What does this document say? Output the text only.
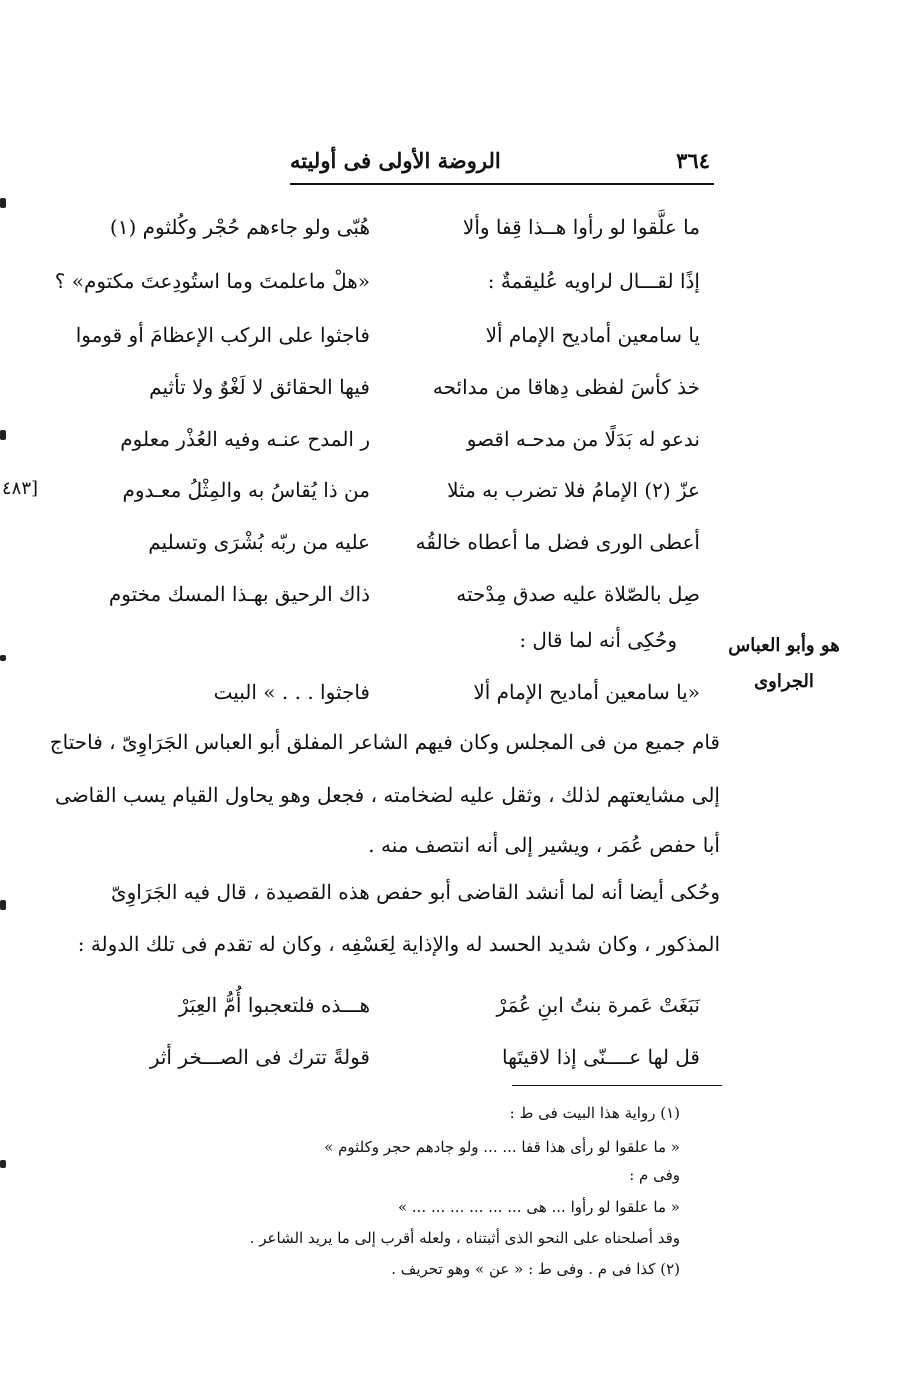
٣٦٤
الروضة الأولى فى أوليته
ما علَّقوا لو رأوا هــذا قِفا وألا
هُبّى ولو جاءهم حُجْر وكُلثوم (١)
إذًا لقـــال لراويه عُليقمةٌ :
«هلْ ماعلمتَ وما استُودِعتَ مكتوم» ؟
يا سامعين أماديح الإمام ألا
فاجثوا على الركب الإعظامَ أو قوموا
خذ كأسَ لفظى دِهاقا من مدائحه
فيها الحقائق لا لَغْوٌ ولا تأثيم
ندعو له بَدَلًا من مدحـه اقصو
ر المدح عنـه وفيه العُذْر معلوم
عزّ (٢) الإمامُ فلا تضرب به مثلا
من ذا يُقاسُ به والمِثْلُ معـدوم
أعطى الورى فضل ما أعطاه خالقُه
عليه من ربّه بُشْرَى وتسليم
صِل بالصّلاة عليه صدق مِدْحته
ذاك الرحيق بهـذا المسك مختوم
وحُكِى أنه لما قال :
«يا سامعين أماديح الإمام ألا
فاجثوا . . . » البيت
قام جميع من فى المجلس وكان فيهم الشاعر المفلق أبو العباس الجَرَاوِىّ ، فاحتاج
إلى مشايعتهم لذلك ، وثقل عليه لضخامته ، فجعل وهو يحاول القيام يسب القاضى
أبا حفص عُمَر ، ويشير إلى أنه انتصف منه .
وحُكى أيضا أنه لما أنشد القاضى أبو حفص هذه القصيدة ، قال فيه الجَرَاوِىّ
المذكور ، وكان شديد الحسد له والإذاية لِعَسْفِه ، وكان له تقدم فى تلك الدولة :
نَبَغَتْ عَمرة بنتُ ابنِ عُمَرْ
هـــذه فلتعجبوا أُمُّ العِبَرْ
قل لها عــــنّى إذا لاقيتَها
قولةً تترك فى الصـــخر أثر
هو وأبو العباس
الجراوى
[٤٨٣
(١) رواية هذا البيت فى ط :
« ما علقوا لو رأى هذا قفا ... ... ولو جادهم حجر وكلثوم »
وفى م :
« ما علقوا لو رأوا ... هى ... ... ... ... ... ... »
وقد أصلحناه على النحو الذى أثبتناه ، ولعله أقرب إلى ما يريد الشاعر .
(٢) كذا فى م . وفى ط : « عن » وهو تحريف .
